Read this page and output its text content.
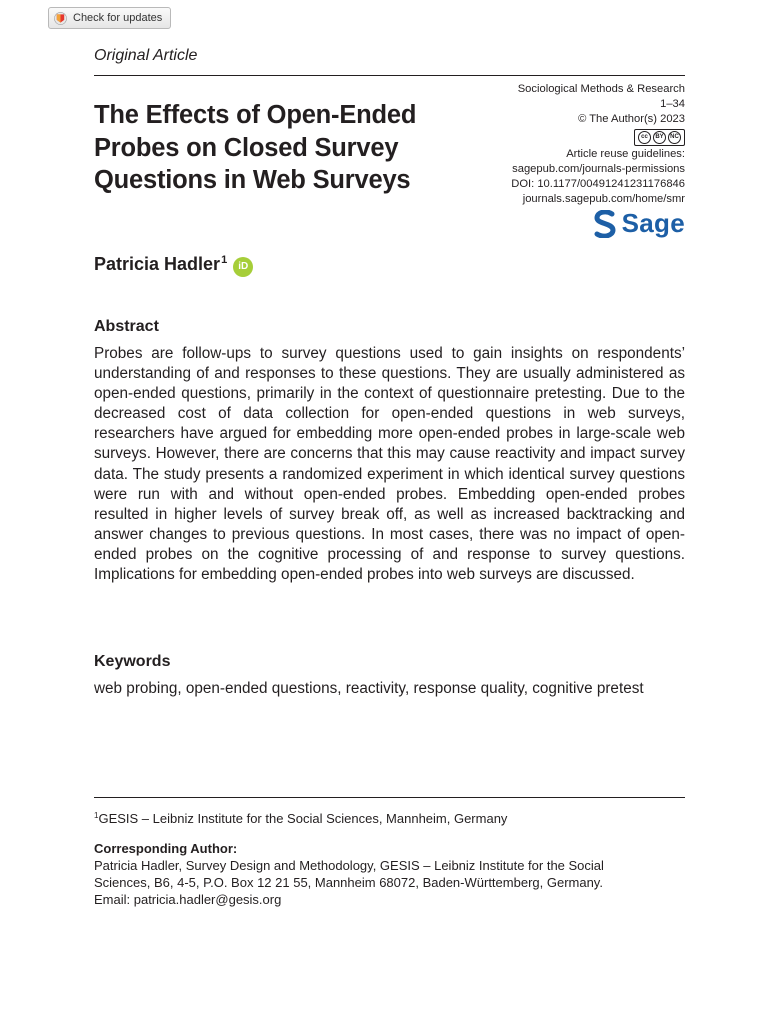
Check for updates
Original Article
The Effects of Open-Ended Probes on Closed Survey Questions in Web Surveys
Sociological Methods & Research
1–34
© The Author(s) 2023
cc	BY	NC
Article reuse guidelines:
sagepub.com/journals-permissions
DOI: 10.1177/00491241231176846
journals.sagepub.com/home/smr
Sage
Patricia Hadler$^1$iD
Abstract
Probes are follow-ups to survey questions used to gain insights on respondents’ understanding of and responses to these questions. They are usually administered as open-ended questions, primarily in the context of questionnaire pretesting. Due to the decreased cost of data collection for open-ended questions in web surveys, researchers have argued for embedding more open-ended probes in large-scale web surveys. However, there are concerns that this may cause reactivity and impact survey data. The study presents a randomized experiment in which identical survey questions were run with and without open-ended probes. Embedding open-ended probes resulted in higher levels of survey break off, as well as increased backtracking and answer changes to previous questions. In most cases, there was no impact of open-ended probes on the cognitive processing of and response to survey questions. Implications for embedding open-ended probes into web surveys are discussed.
Keywords
web probing, open-ended questions, reactivity, response quality, cognitive pretest
$^1$GESIS – Leibniz Institute for the Social Sciences, Mannheim, Germany
Corresponding Author:
Patricia Hadler, Survey Design and Methodology, GESIS – Leibniz Institute for the Social
Sciences, B6, 4-5, P.O. Box 12 21 55, Mannheim 68072, Baden-Württemberg, Germany.
Email: patricia.hadler@gesis.org
